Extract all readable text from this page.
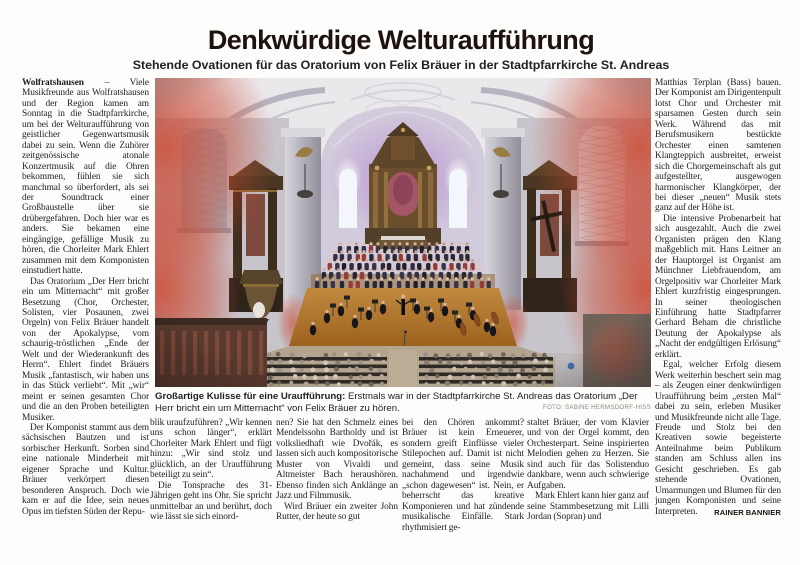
Denkwürdige Welturaufführung
Stehende Ovationen für das Oratorium von Felix Bräuer in der Stadtpfarrkirche St. Andreas

Wolfratshausen – Viele Musikfreunde aus Wolfratshausen und der Region kamen am Sonntag in die Stadtpfarrkirche, um bei der Welturaufführung von geistlicher Gegenwartsmusik dabei zu sein. Wenn die Zuhörer zeitgenössische atonale Konzertmusik auf die Ohren bekommen, fühlen sie sich manchmal so überfordert, als sei der Soundtrack einer Großbaustelle über sie drübergefahren. Doch hier war es anders. Sie bekamen eine eingängige, gefällige Musik zu hören, die Chorleiter Mark Ehlert zusammen mit dem Komponisten einstudiert hatte.

Das Oratorium „Der Herr bricht ein um Mitternacht“ mit großer Besetzung (Chor, Orchester, Solisten, vier Posaunen, zwei Orgeln) von Felix Bräuer handelt von der Apokalypse, vom schaurig-tröstlichen „Ende der Welt und der Wiederankunft des Herrn“. Ehlert findet Bräuers Musik „fantastisch, wir haben uns in das Stück verliebt“. Mit „wir“ meint er seinen gesamten Chor und die an den Proben beteiligten Musiker.

Der Komponist stammt aus dem sächsischen Bautzen und ist sorbischer Herkunft. Sorben sind eine nationale Minderheit mit eigener Sprache und Kultur. Bräuer verkörpert diesen besonderen Anspruch. Doch wie kam er auf die Idee, sein neues Opus im tiefsten Süden der Repu-

Großartige Kulisse für eine Uraufführung: Erstmals war in der Stadtpfarrkirche St. Andreas das Oratorium „Der Herr bricht ein um Mitternacht“ von Felix Bräuer zu hören.	FOTO: SABINE HERMSDORF-HISS

blik uraufzuführen? „Wir kennen uns schon länger“, erklärt Chorleiter Mark Ehlert und fügt hinzu: „Wir sind stolz und glücklich, an der Uraufführung beteiligt zu sein“.

Die Tonsprache des 31-Jährigen geht ins Ohr. Sie spricht unmittelbar an und berührt, doch wie lässt sie sich einord-

nen? Sie hat den Schmelz eines Mendelssohn Bartholdy und ist volksliedhaft wie Dvořák, es lassen sich auch kompositorische Muster von Vivaldi und Altmeister Bach heraushören. Ebenso finden sich Anklänge an Jazz und Filmmusik.

Wird Bräuer ein zweiter John Rutter, der heute so gut

bei den Chören ankommt? Bräuer ist kein Erneuerer, sondern greift Einflüsse vieler Stilepochen auf. Damit ist nicht gemeint, dass seine Musik nachahmend und irgendwie „schon dagewesen“ ist. Nein, er beherrscht das kreative Komponieren und hat zündende musikalische Einfälle. Stark rhythmisiert ge-

staltet Bräuer, der vom Klavier und von der Orgel kommt, den Orchesterpart. Seine inspirierten Melodien gehen zu Herzen. Sie sind auch für das Solistenduo dankbare, wenn auch schwierige Aufgaben.

Mark Ehlert kann hier ganz auf seine Stammbesetzung mit Lilli Jordan (Sopran) und

Matthias Terplan (Bass) bauen. Der Komponist am Dirigentenpult lotst Chor und Orchester mit sparsamen Gesten durch sein Werk. Während das mit Berufsmusikern bestückte Orchester einen samtenen Klangteppich ausbreitet, erweist sich die Chorgemeinschaft als gut aufgestellter, ausgewogen harmonischer Klangkörper, der bei dieser „neuen“ Musik stets ganz auf der Höhe ist.

Die intensive Probenarbeit hat sich ausgezahlt. Auch die zwei Organisten prägen den Klang maßgeblich mit. Hans Leitner an der Hauptorgel ist Organist am Münchner Liebfrauendom, am Orgelpositiv war Chorleiter Mark Ehlert kurzfristig eingesprungen. In seiner theologischen Einführung hatte Stadtpfarrer Gerhard Beham die christliche Deutung der Apokalypse als „Nacht der endgültigen Erlösung“ erklärt.

Egal, welcher Erfolg diesem Werk weiterhin beschert sein mag – als Zeugen einer denkwürdigen Uraufführung beim „ersten Mal“ dabei zu sein, erleben Musiker und Musikfreunde nicht alle Tage. Freude und Stolz bei den Kreativen sowie begeisterte Anteilnahme beim Publikum standen am Schluss allen ins Gesicht geschrieben. Es gab stehende Ovationen, Umarmungen und Blumen für den jungen Komponisten und seine Interpreten.	RAINER BANNIER
